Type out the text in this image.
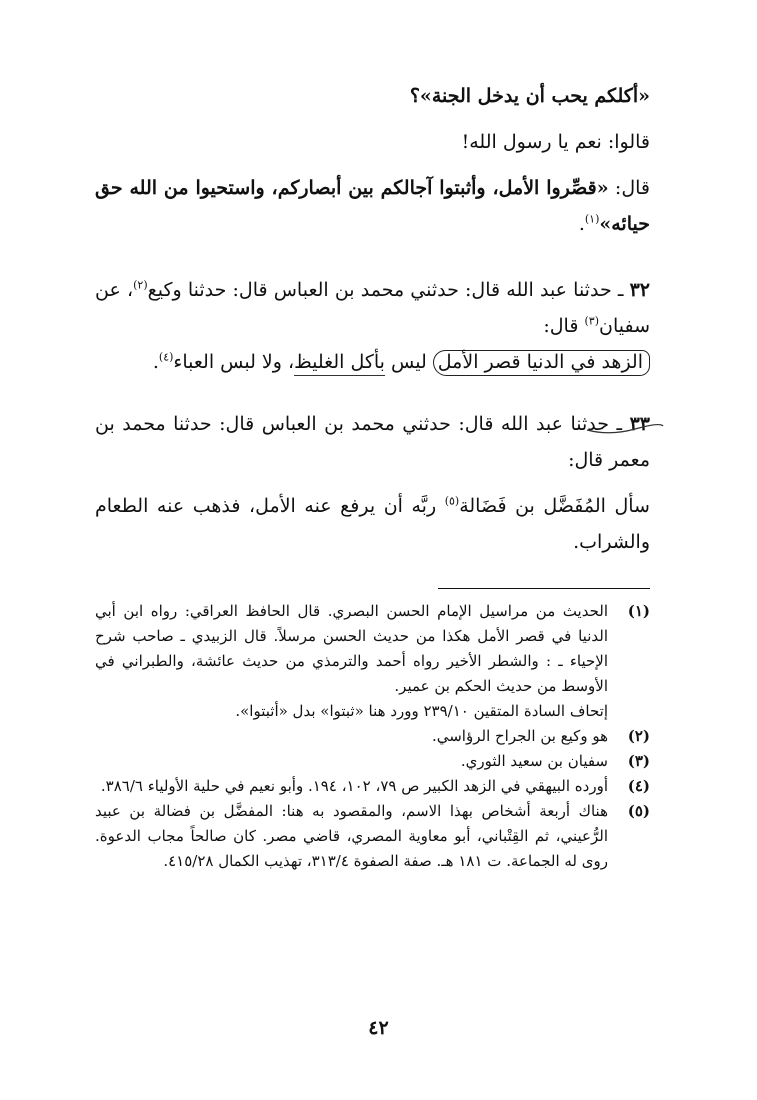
«أكلكم يحب أن يدخل الجنة»؟

قالوا: نعم يا رسول الله!

قال: «قصِّروا الأمل، وأثبتوا آجالكم بين أبصاركم، واستحيوا من الله حق حيائه»$^{(١)}$.

٣٢ ـ حدثنا عبد الله قال: حدثني محمد بن العباس قال: حدثنا وكيع$^{(٢)}$، عن سفيان$^{(٣)}$ قال:

الزهد في الدنيا قصر الأمل ليس بأكل الغليظ، ولا لبس العباء$^{(٤)}$.

٣٣ ـ حدثنا عبد الله قال: حدثني محمد بن العباس قال: حدثنا محمد بن معمر قال:

سأل المُفَضَّل بن فَضَالة$^{(٥)}$ ربَّه أن يرفع عنه الأمل، فذهب عنه الطعام والشراب.

(١)
الحديث من مراسيل الإمام الحسن البصري. قال الحافظ العراقي: رواه ابن أبي الدنيا في قصر الأمل هكذا من حديث الحسن مرسلاً. قال الزبيدي ـ صاحب شرح الإحياء ـ : والشطر الأخير رواه أحمد والترمذي من حديث عائشة، والطبراني في الأوسط من حديث الحكم بن عمير.
إتحاف السادة المتقين ٢٣٩/١٠ وورد هنا «ثبتوا» بدل «أثبتوا».
(٢)
هو وكيع بن الجراح الرؤاسي.
(٣)
سفيان بن سعيد الثوري.
(٤)
أورده البيهقي في الزهد الكبير ص ٧٩، ١٠٢، ١٩٤. وأبو نعيم في حلية الأولياء ٣٨٦/٦.
(٥)
هناك أربعة أشخاص بهذا الاسم، والمقصود به هنا: المفضَّل بن فضالة بن عبيد الرُّعيني، ثم القِتْباني، أبو معاوية المصري، قاضي مصر. كان صالحاً مجاب الدعوة. روى له الجماعة. ت ١٨١ هـ. صفة الصفوة ٣١٣/٤، تهذيب الكمال ٤١٥/٢٨.
٤٢
